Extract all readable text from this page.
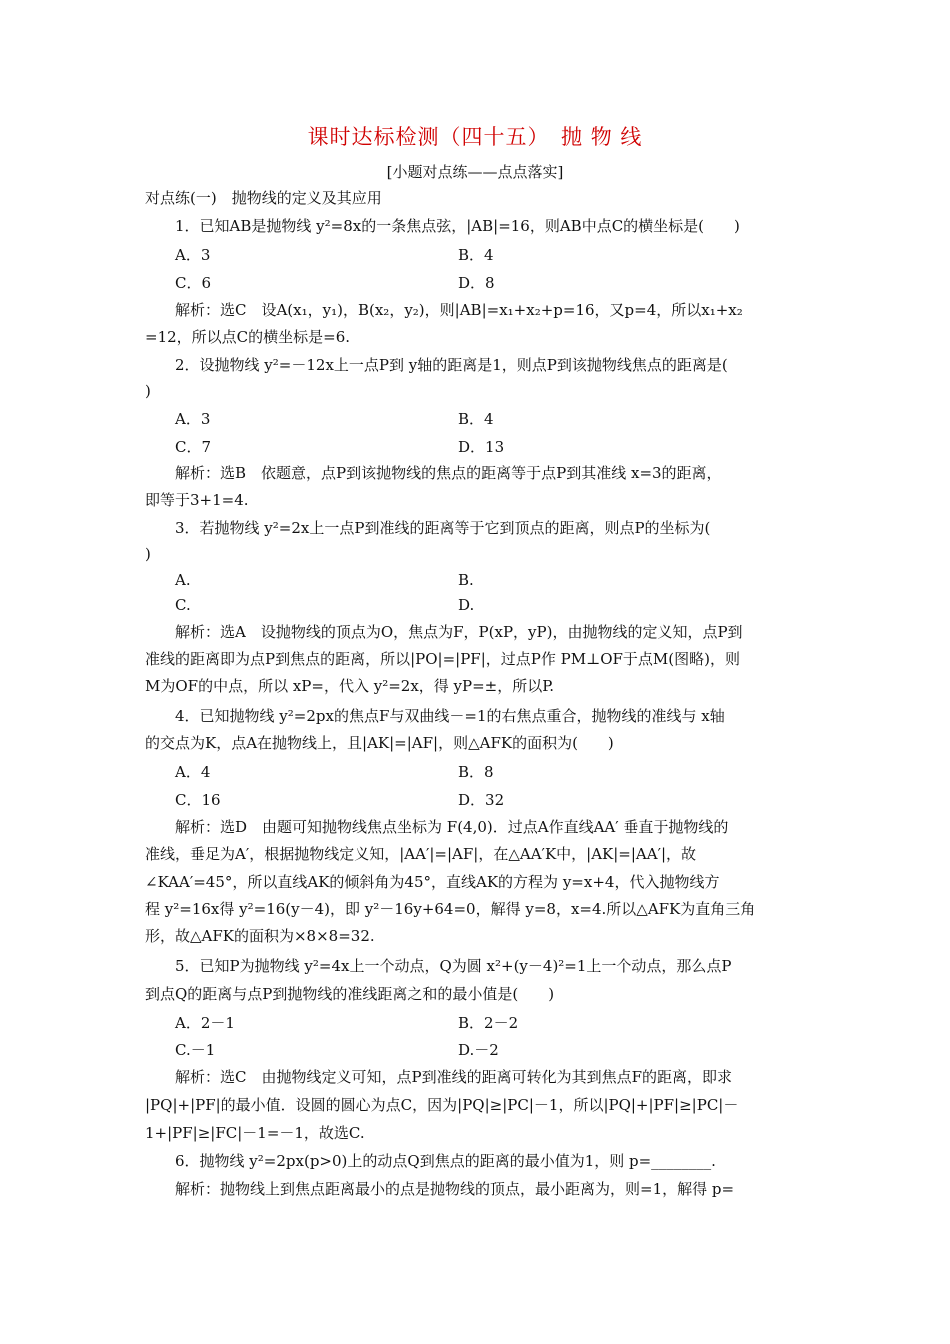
课时达标检测（四十五）　抛 物 线
[小题对点练——点点落实]
对点练(一)　抛物线的定义及其应用
1．已知AB是抛物线 y²=8x的一条焦点弦，|AB|=16，则AB中点C的横坐标是(　　)
A．3	B．4
C．6	D．8
解析：选C　设A(x₁，y₁)，B(x₂，y₂)，则|AB|=x₁+x₂+p=16，又p=4，所以x₁+x₂
=12，所以点C的横坐标是=6.
2．设抛物线 y²=－12x上一点P到 y轴的距离是1，则点P到该抛物线焦点的距离是(
)
A．3	B．4
C．7	D．13
解析：选B　依题意，点P到该抛物线的焦点的距离等于点P到其准线 x=3的距离，
即等于3+1=4.
3．若抛物线 y²=2x上一点P到准线的距离等于它到顶点的距离，则点P的坐标为(
)
A.	B.
C.	D.
解析：选A　设抛物线的顶点为O，焦点为F，P(xP，yP)，由抛物线的定义知，点P到
准线的距离即为点P到焦点的距离，所以|PO|=|PF|，过点P作 PM⊥OF于点M(图略)，则
M为OF的中点，所以 xP=，代入 y²=2x，得 yP=±，所以P.
4．已知抛物线 y²=2px的焦点F与双曲线－=1的右焦点重合，抛物线的准线与 x轴
的交点为K，点A在抛物线上，且|AK|=|AF|，则△AFK的面积为(　　)
A．4	B．8
C．16	D．32
解析：选D　由题可知抛物线焦点坐标为 F(4,0)．过点A作直线AA′ 垂直于抛物线的
准线，垂足为A′，根据抛物线定义知，|AA′|=|AF|，在△AA′K中，|AK|=|AA′|，故
∠KAA′=45°，所以直线AK的倾斜角为45°，直线AK的方程为 y=x+4，代入抛物线方
程 y²=16x得 y²=16(y－4)，即 y²－16y+64=0，解得 y=8，x=4.所以△AFK为直角三角
形，故△AFK的面积为×8×8=32.
5．已知P为抛物线 y²=4x上一个动点，Q为圆 x²+(y－4)²=1上一个动点，那么点P
到点Q的距离与点P到抛物线的准线距离之和的最小值是(　　)
A．2－1	B．2－2
C.－1	D.－2
解析：选C　由抛物线定义可知，点P到准线的距离可转化为其到焦点F的距离，即求
|PQ|+|PF|的最小值．设圆的圆心为点C，因为|PQ|≥|PC|－1，所以|PQ|+|PF|≥|PC|－
1+|PF|≥|FC|－1=－1，故选C.
6．抛物线 y²=2px(p>0)上的动点Q到焦点的距离的最小值为1，则 p=________.
解析：抛物线上到焦点距离最小的点是抛物线的顶点，最小距离为，则=1，解得 p=
